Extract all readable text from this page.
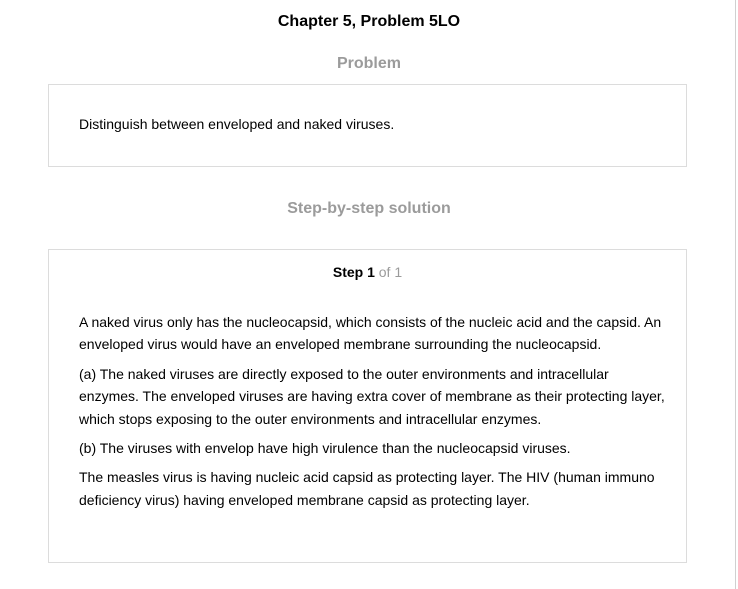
Chapter 5, Problem 5LO
Problem
Distinguish between enveloped and naked viruses.
Step-by-step solution
Step 1 of 1

A naked virus only has the nucleocapsid, which consists of the nucleic acid and the capsid. An enveloped virus would have an enveloped membrane surrounding the nucleocapsid.

(a) The naked viruses are directly exposed to the outer environments and intracellular enzymes. The enveloped viruses are having extra cover of membrane as their protecting layer, which stops exposing to the outer environments and intracellular enzymes.

(b) The viruses with envelop have high virulence than the nucleocapsid viruses.

The measles virus is having nucleic acid capsid as protecting layer. The HIV (human immuno deficiency virus) having enveloped membrane capsid as protecting layer.
